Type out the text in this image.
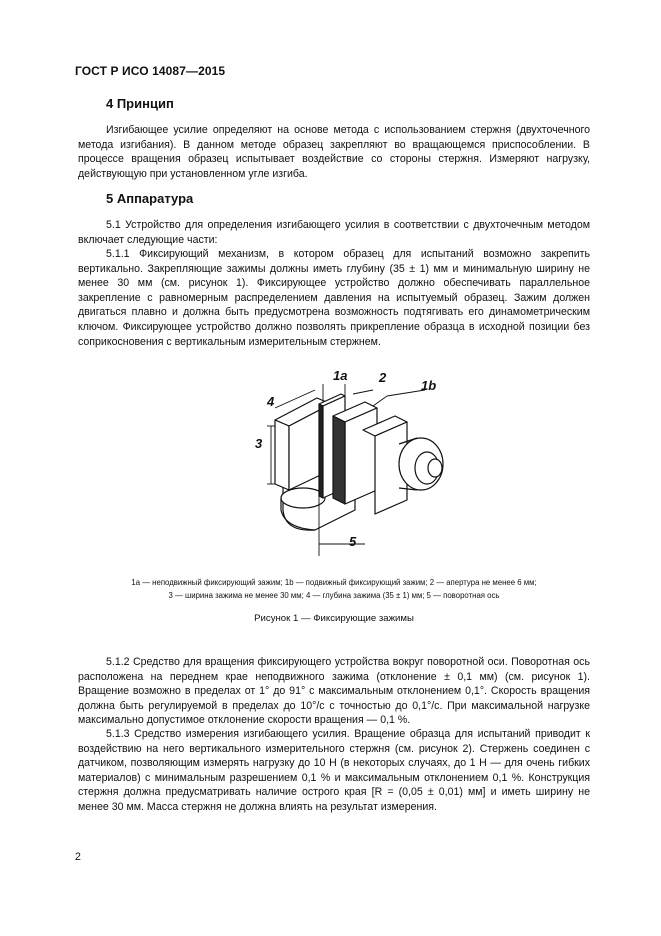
ГОСТ Р ИСО 14087—2015
4 Принцип

Изгибающее усилие определяют на основе метода с использованием стержня (двухточечного метода изгибания). В данном методе образец закрепляют во вращающемся приспособлении. В процессе вращения образец испытывает воздействие со стороны стержня. Измеряют нагрузку, действующую при установленном угле изгиба.

5 Аппаратура

5.1 Устройство для определения изгибающего усилия в соответствии с двухточечным методом включает следующие части:

5.1.1 Фиксирующий механизм, в котором образец для испытаний возможно закрепить вертикально. Закрепляющие зажимы должны иметь глубину (35 ± 1) мм и минимальную ширину не менее 30 мм (см. рисунок 1). Фиксирующее устройство должно обеспечивать параллельное закрепление с равномерным распределением давления на испытуемый образец. Зажим должен двигаться плавно и должна быть предусмотрена возможность подтягивать его динамометрическим ключом. Фиксирующее устройство должно позволять прикрепление образца в исходной позиции без соприкосновения с вертикальным измерительным стержнем.

3
4
1a 2
1b
5
1a — неподвижный фиксирующий зажим; 1b — подвижный фиксирующий зажим; 2 — апертура не менее 6 мм;
3 — ширина зажима не менее 30 мм; 4 — глубина зажима (35 ± 1) мм; 5 — поворотная ось
Рисунок 1 — Фиксирующие зажимы

5.1.2 Средство для вращения фиксирующего устройства вокруг поворотной оси. Поворотная ось расположена на переднем крае неподвижного зажима (отклонение ± 0,1 мм) (см. рисунок 1). Вращение возможно в пределах от 1° до 91° с максимальным отклонением 0,1°. Скорость вращения должна быть регулируемой в пределах до 10°/с с точностью до 0,1°/с. При максимальной нагрузке максимально допустимое отклонение скорости вращения — 0,1 %.

5.1.3 Средство измерения изгибающего усилия. Вращение образца для испытаний приводит к воздействию на него вертикального измерительного стержня (см. рисунок 2). Стержень соединен с датчиком, позволяющим измерять нагрузку до 10 Н (в некоторых случаях, до 1 Н — для очень гибких материалов) с минимальным разрешением 0,1 % и максимальным отклонением 0,1 %. Конструкция стержня должна предусматривать наличие острого края [R = (0,05 ± 0,01) мм] и иметь ширину не менее 30 мм. Масса стержня не должна влиять на результат измерения.

2
